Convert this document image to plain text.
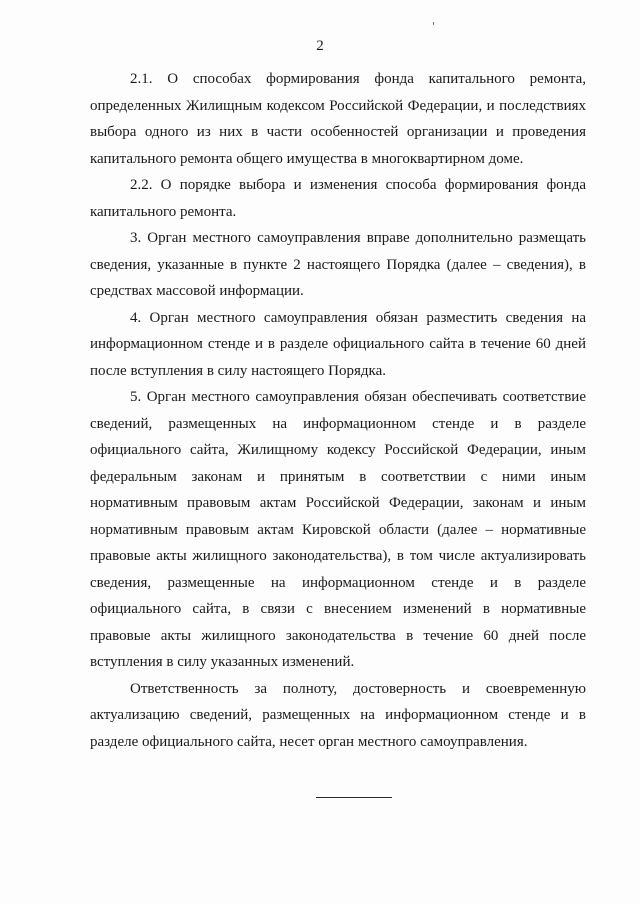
2

2.1. О способах формирования фонда капитального ремонта, определенных Жилищным кодексом Российской Федерации, и последствиях выбора одного из них в части особенностей организации и проведения капитального ремонта общего имущества в многоквартирном доме.

2.2. О порядке выбора и изменения способа формирования фонда капитального ремонта.

3. Орган местного самоуправления вправе дополнительно размещать сведения, указанные в пункте 2 настоящего Порядка (далее – сведения), в средствах массовой информации.

4. Орган местного самоуправления обязан разместить сведения на информационном стенде и в разделе официального сайта в течение 60 дней после вступления в силу настоящего Порядка.

5. Орган местного самоуправления обязан обеспечивать соответствие сведений, размещенных на информационном стенде и в разделе официального сайта, Жилищному кодексу Российской Федерации, иным федеральным законам и принятым в соответствии с ними иным нормативным правовым актам Российской Федерации, законам и иным нормативным правовым актам Кировской области (далее – нормативные правовые акты жилищного законодательства), в том числе актуализировать сведения, размещенные на информационном стенде и в разделе официального сайта, в связи с внесением изменений в нормативные правовые акты жилищного законодательства в течение 60 дней после вступления в силу указанных изменений.

Ответственность за полноту, достоверность и своевременную актуализацию сведений, размещенных на информационном стенде и в разделе официального сайта, несет орган местного самоуправления.
